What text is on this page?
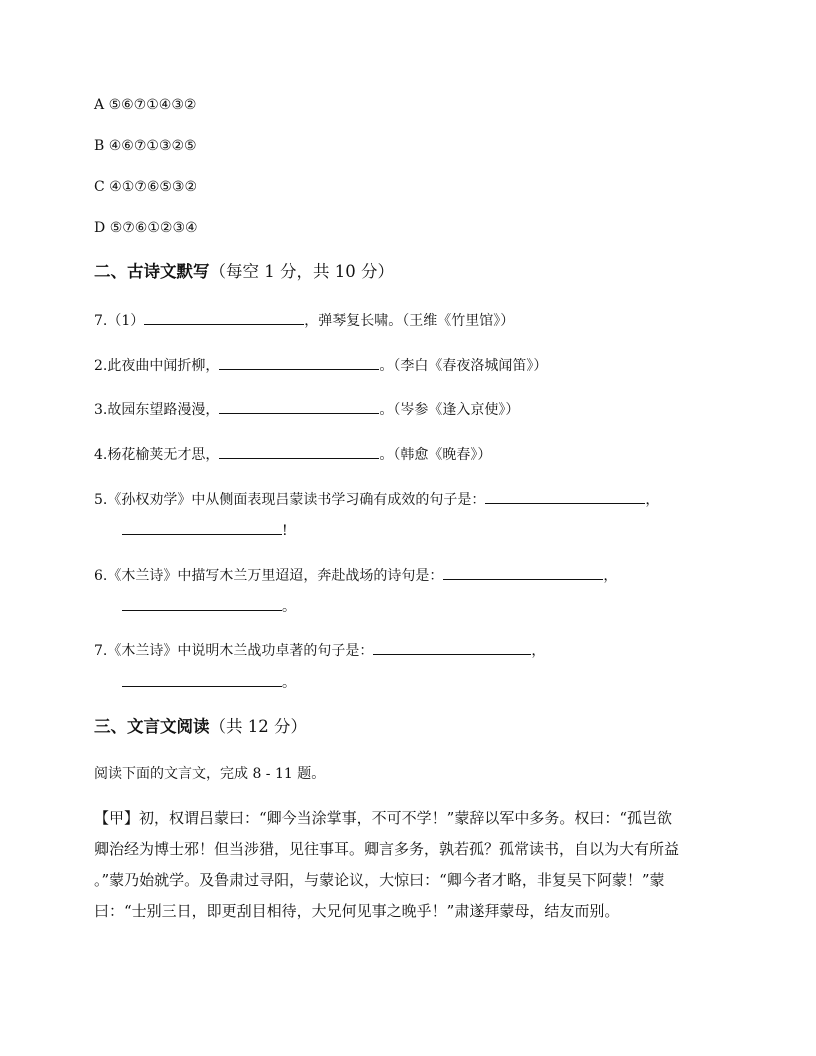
A ⑤⑥⑦①④③②
B ④⑥⑦①③②⑤
C ④①⑦⑥⑤③②
D ⑤⑦⑥①②③④
二、古诗文默写（每空 1 分，共 10 分）
7.（1）	，弹琴复长啸。（王维《竹里馆》）
2.此夜曲中闻折柳，	。（李白《春夜洛城闻笛》）
3.故园东望路漫漫，	。（岑参《逢入京使》）
4.杨花榆荚无才思，	。（韩愈《晚春》）
5.《孙权劝学》中从侧面表现吕蒙读书学习确有成效的句子是：	，
!
6.《木兰诗》中描写木兰万里迢迢，奔赴战场的诗句是：	，
。
7.《木兰诗》中说明木兰战功卓著的句子是：	，
。
三、文言文阅读（共 12 分）
阅读下面的文言文，完成 8 - 11 题。
【甲】初，权谓吕蒙曰：“卿今当涂掌事，不可不学！”蒙辞以军中多务。权曰：“孤岂欲
卿治经为博士邪！但当涉猎，见往事耳。卿言多务，孰若孤？孤常读书，自以为大有所益
。”蒙乃始就学。及鲁肃过寻阳，与蒙论议，大惊曰：“卿今者才略，非复吴下阿蒙！”蒙
曰：“士别三日，即更刮目相待，大兄何见事之晚乎！”肃遂拜蒙母，结友而别。
